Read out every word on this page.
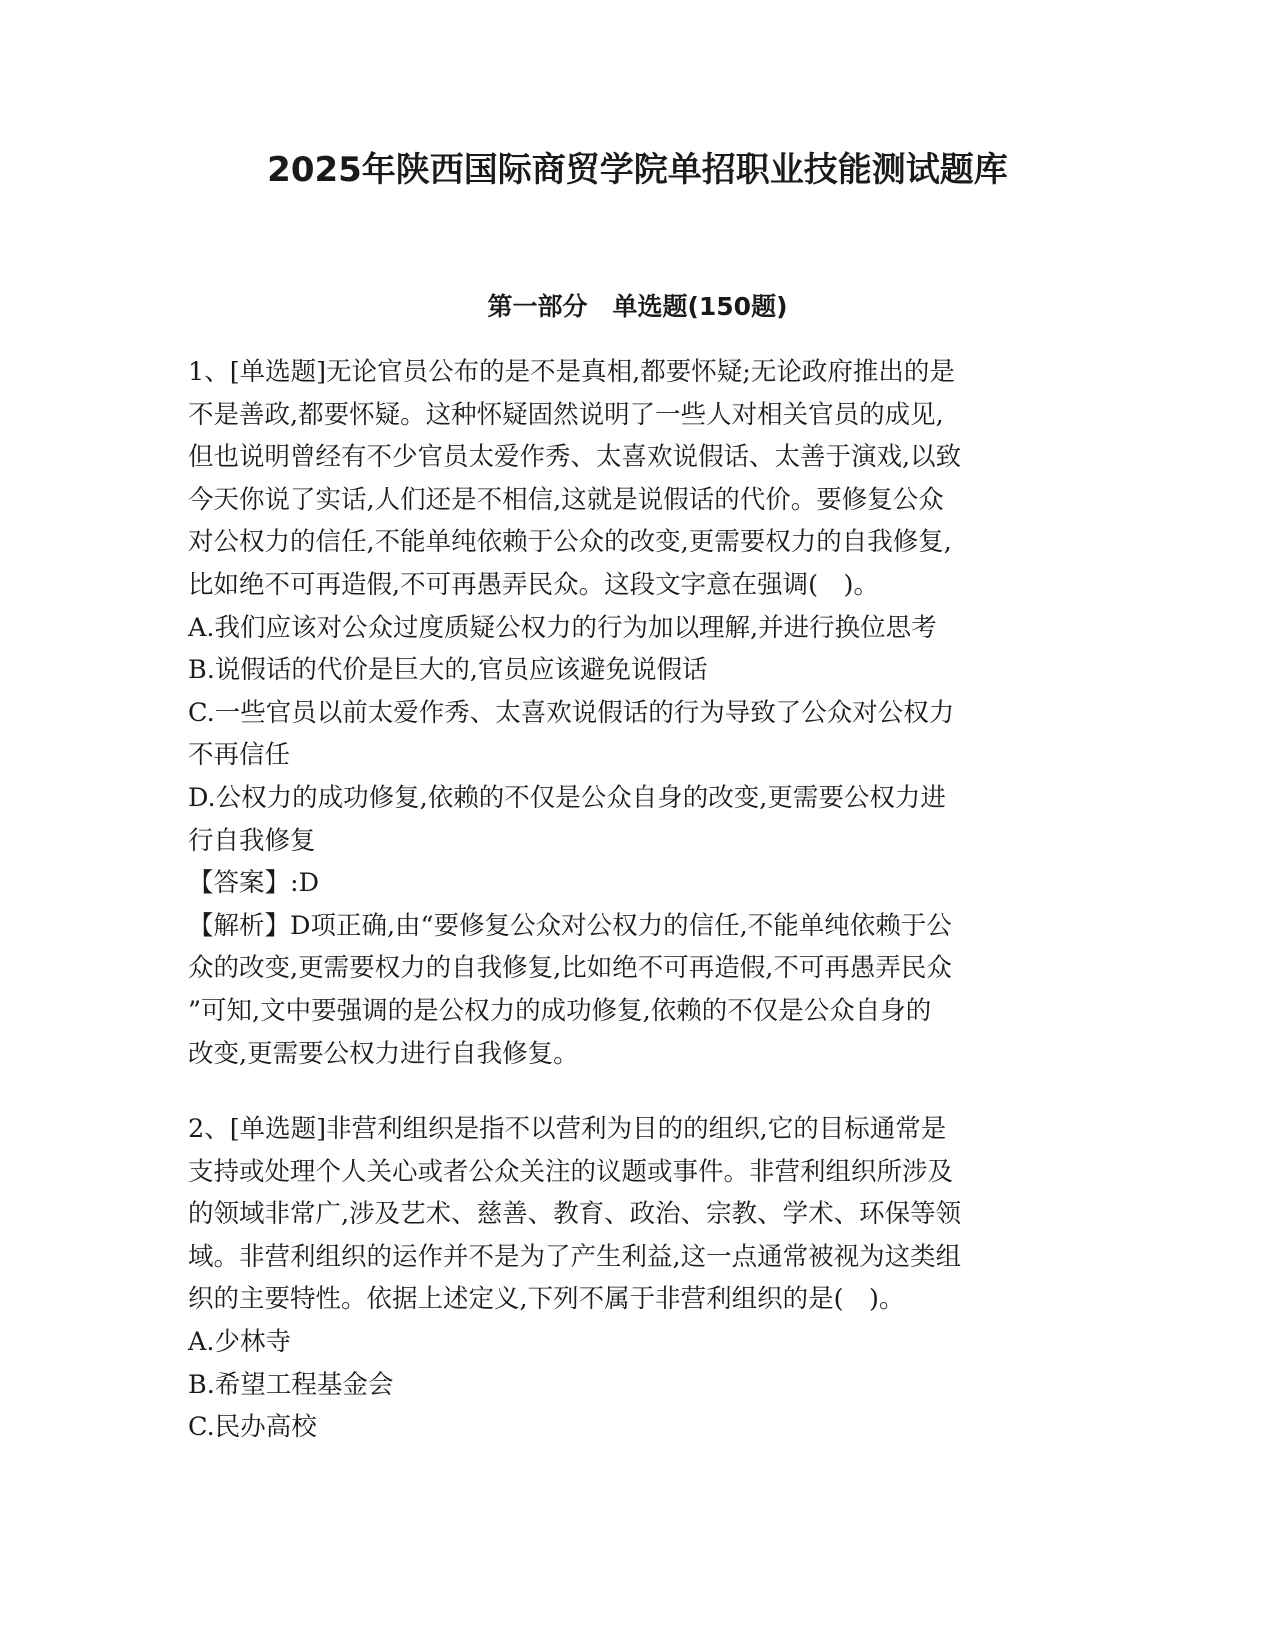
2025年陕西国际商贸学院单招职业技能测试题库
第一部分　单选题(150题)
1、[单选题]无论官员公布的是不是真相,都要怀疑;无论政府推出的是
不是善政,都要怀疑。这种怀疑固然说明了一些人对相关官员的成见,
但也说明曾经有不少官员太爱作秀、太喜欢说假话、太善于演戏,以致
今天你说了实话,人们还是不相信,这就是说假话的代价。要修复公众
对公权力的信任,不能单纯依赖于公众的改变,更需要权力的自我修复,
比如绝不可再造假,不可再愚弄民众。这段文字意在强调(　)。
A.我们应该对公众过度质疑公权力的行为加以理解,并进行换位思考
B.说假话的代价是巨大的,官员应该避免说假话
C.一些官员以前太爱作秀、太喜欢说假话的行为导致了公众对公权力
不再信任
D.公权力的成功修复,依赖的不仅是公众自身的改变,更需要公权力进
行自我修复
【答案】:D
【解析】D项正确,由“要修复公众对公权力的信任,不能单纯依赖于公
众的改变,更需要权力的自我修复,比如绝不可再造假,不可再愚弄民众
”可知,文中要强调的是公权力的成功修复,依赖的不仅是公众自身的
改变,更需要公权力进行自我修复。
2、[单选题]非营利组织是指不以营利为目的的组织,它的目标通常是
支持或处理个人关心或者公众关注的议题或事件。非营利组织所涉及
的领域非常广,涉及艺术、慈善、教育、政治、宗教、学术、环保等领
域。非营利组织的运作并不是为了产生利益,这一点通常被视为这类组
织的主要特性。依据上述定义,下列不属于非营利组织的是(　)。
A.少林寺
B.希望工程基金会
C.民办高校
